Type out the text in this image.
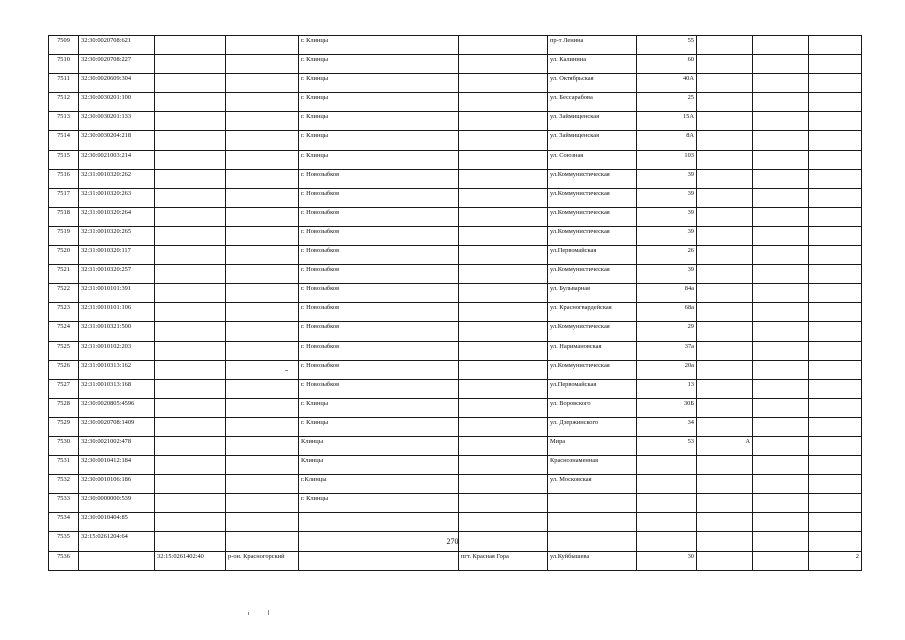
7509	32:30:0020708:621			г. Клинцы		пр-т Ленина	55			
7510	32:30:0020708:227			г. Клинцы		ул. Калинина	60			
7511	32:30:0020609:304			г. Клинцы		ул. Октябрьская	40А			
7512	32:30:0030201:100			г. Клинцы		ул. Бессарабова	25			
7513	32:30:0030201:133			г. Клинцы		ул. Займищенская	15А			
7514	32:30:0030204:218			г. Клинцы		ул. Займищенская	8А			
7515	32:30:0021003:214			г. Клинцы		ул. Союзная	103			
7516	32:31:0010320:262			г. Новозыбков		ул.Коммунистическая	39			
7517	32:31:0010320:263			г. Новозыбков		ул.Коммунистическая	39			
7518	32:31:0010320:264			г. Новозыбков		ул.Коммунистическая	39			
7519	32:31:0010320:265			г. Новозыбков		ул.Коммунистическая	39			
7520	32:31:0010320:117			г. Новозыбков		ул.Первомайская	26			
7521	32:31:0010320:257			г. Новозыбков		ул.Коммунистическая	39			
7522	32:31:0010101:391			г. Новозыбков		ул. Бульварная	84а			
7523	32:31:0010101:106			г. Новозыбков		ул. Красногвардейская	68а			
7524	32:31:0010321:500			г. Новозыбков		ул.Коммунистическая	29			
7525	32:31:0010102:203			г. Новозыбков		ул. Наримановская	37а			
7526	32:31:0010313:162			г. Новозыбков		ул.Коммунистическая	20а			
7527	32:31:0010313:168			г. Новозыбков		ул.Первомайская	13			
7528	32:30:0020805:4596			г. Клинцы		ул. Воровского	30Б			
7529	32:30:0020708:1409			г. Клинцы		ул. Дзержинского	34			
7530	32:30:0021002:478			Клинцы		Мира	53	А		
7531	32:30:0010412:184			Клинцы		Краснознаменная				
7532	32:30:0010106:186			г.Клинцы		ул. Московская				
7533	32:30:0000000:539			г. Клинцы						
7534	32:30:0010404:85									
7535	32:15:0261204:64									
7536		32:15:0261402:40	р-он. Красногорский		пгт. Красная Гора	ул.Куйбышева	30			2
270
